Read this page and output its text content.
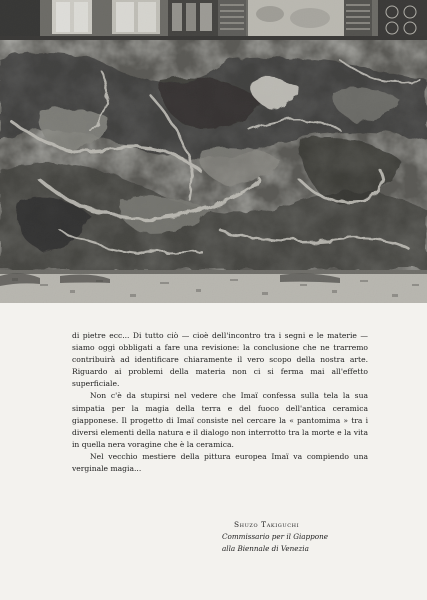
di pietre ecc... Di tutto ciò — cioè dell'incontro tra i segni e le materie — siamo oggi obbligati a fare una revisione: la conclusione che ne trarremo contribuirà ad identificare chiaramente il vero scopo della nostra arte. Riguardo ai problemi della materia non ci si ferma mai all'effetto superficiale.

Non c'è da stupirsi nel vedere che Imaï confessa sulla tela la sua simpatia per la magia della terra e del fuoco dell'antica ceramica giapponese. Il progetto di Imaï consiste nel cercare la « pantomima » tra i diversi elementi della natura e il dialogo non interrotto tra la morte e la vita in quella nera voragine che è la ceramica.

Nel vecchio mestiere della pittura europea Imaï va compiendo una verginale magia...

Shuzo Takiguchi
Commissario per il Giappone
alla Biennale di Venezia
